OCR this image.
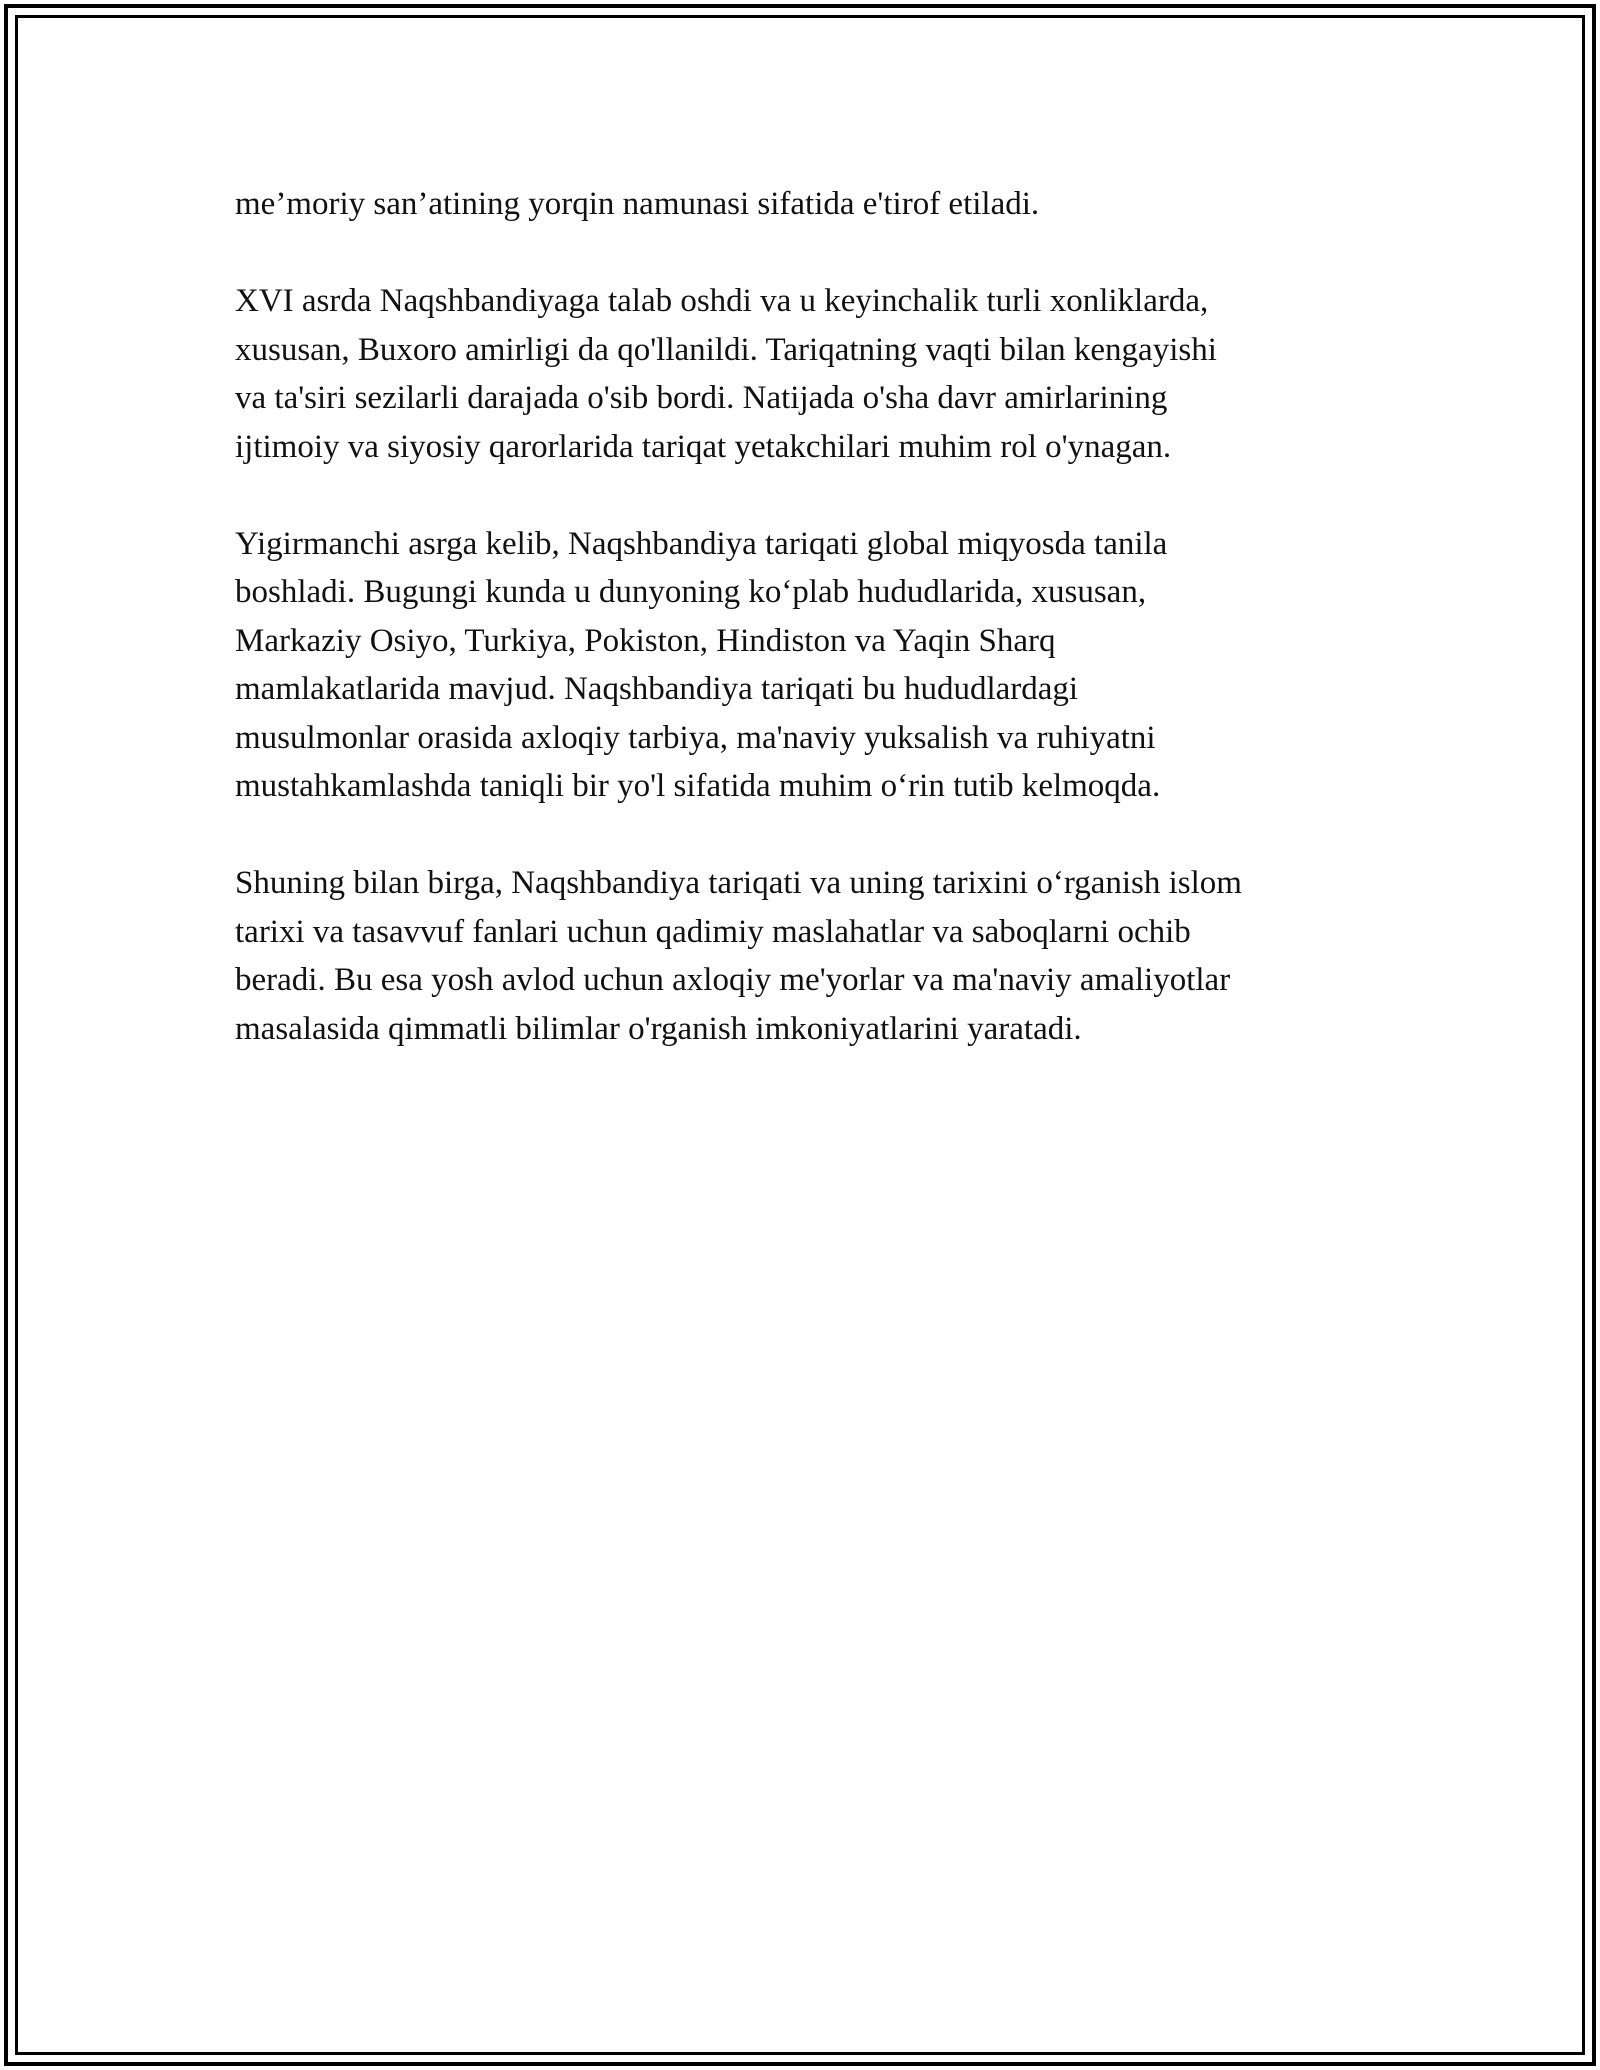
me’moriy san’atining yorqin namunasi sifatida e'tirof etiladi.

XVI asrda Naqshbandiyaga talab oshdi va u keyinchalik turli xonliklarda,
xususan, Buxoro amirligi da qo'llanildi. Tariqatning vaqti bilan kengayishi
va ta'siri sezilarli darajada o'sib bordi. Natijada o'sha davr amirlarining
ijtimoiy va siyosiy qarorlarida tariqat yetakchilari muhim rol o'ynagan.

Yigirmanchi asrga kelib, Naqshbandiya tariqati global miqyosda tanila
boshladi. Bugungi kunda u dunyoning ko‘plab hududlarida, xususan,
Markaziy Osiyo, Turkiya, Pokiston, Hindiston va Yaqin Sharq
mamlakatlarida mavjud. Naqshbandiya tariqati bu hududlardagi
musulmonlar orasida axloqiy tarbiya, ma'naviy yuksalish va ruhiyatni
mustahkamlashda taniqli bir yo'l sifatida muhim o‘rin tutib kelmoqda.

Shuning bilan birga, Naqshbandiya tariqati va uning tarixini o‘rganish islom
tarixi va tasavvuf fanlari uchun qadimiy maslahatlar va saboqlarni ochib
beradi. Bu esa yosh avlod uchun axloqiy me'yorlar va ma'naviy amaliyotlar
masalasida qimmatli bilimlar o'rganish imkoniyatlarini yaratadi.
